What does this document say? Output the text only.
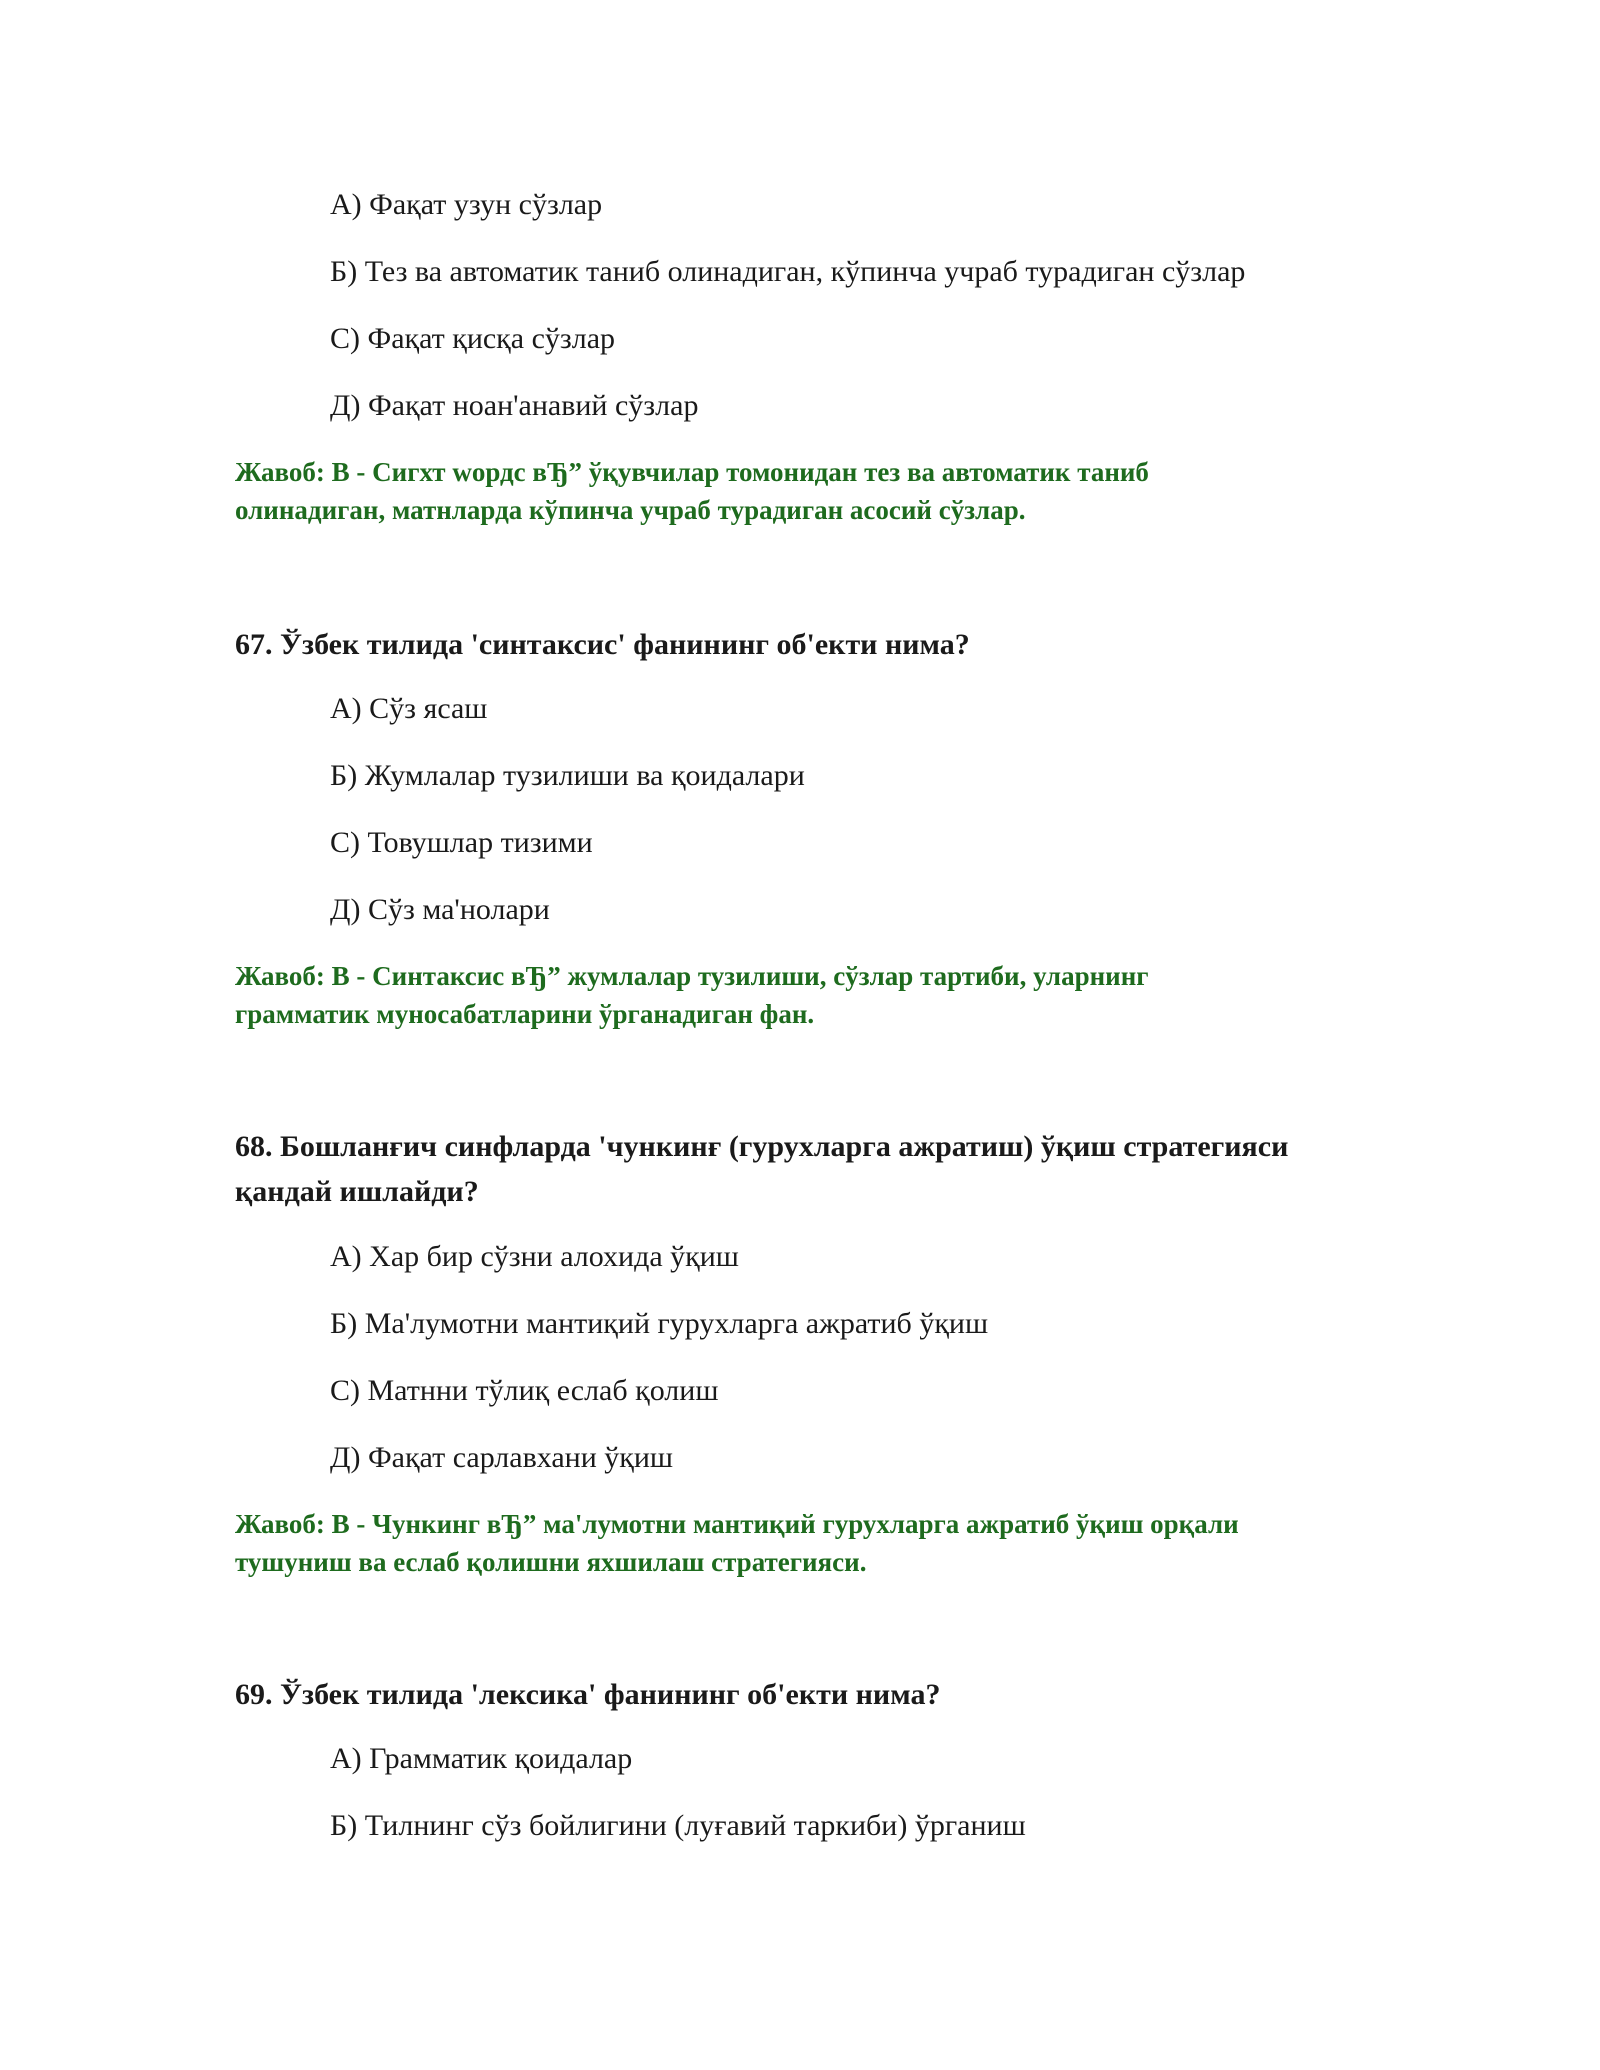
А) Фақат узун сўзлар
Б) Тез ва автоматик таниб олинадиган, кўпинча учраб турадиган сўзлар
С) Фақат қисқа сўзлар
Д) Фақат ноан'анавий сўзлар
Жавоб: B - Сигхт wордс вЂ” ўқувчилар томонидан тез ва автоматик таниб
олинадиган, матнларда кўпинча учраб турадиган асосий сўзлар.
67. Ўзбек тилида 'синтаксис' фанининг об'екти нима?
А) Сўз ясаш
Б) Жумлалар тузилиши ва қоидалари
С) Товушлар тизими
Д) Сўз ма'нолари
Жавоб: B - Синтаксис вЂ” жумлалар тузилиши, сўзлар тартиби, уларнинг
грамматик муносабатларини ўрганадиган фан.
68. Бошланғич синфларда 'чункинғ (гурухларга ажратиш) ўқиш стратегияси
қандай ишлайди?
А) Хар бир сўзни алохида ўқиш
Б) Ма'лумотни мантиқий гурухларга ажратиб ўқиш
С) Матнни тўлиқ еслаб қолиш
Д) Фақат сарлавхани ўқиш
Жавоб: B - Чункинг вЂ” ма'лумотни мантиқий гурухларга ажратиб ўқиш орқали
тушуниш ва еслаб қолишни яхшилаш стратегияси.
69. Ўзбек тилида 'лексика' фанининг об'екти нима?
А) Грамматик қоидалар
Б) Тилнинг сўз бойлигини (луғавий таркиби) ўрганиш
